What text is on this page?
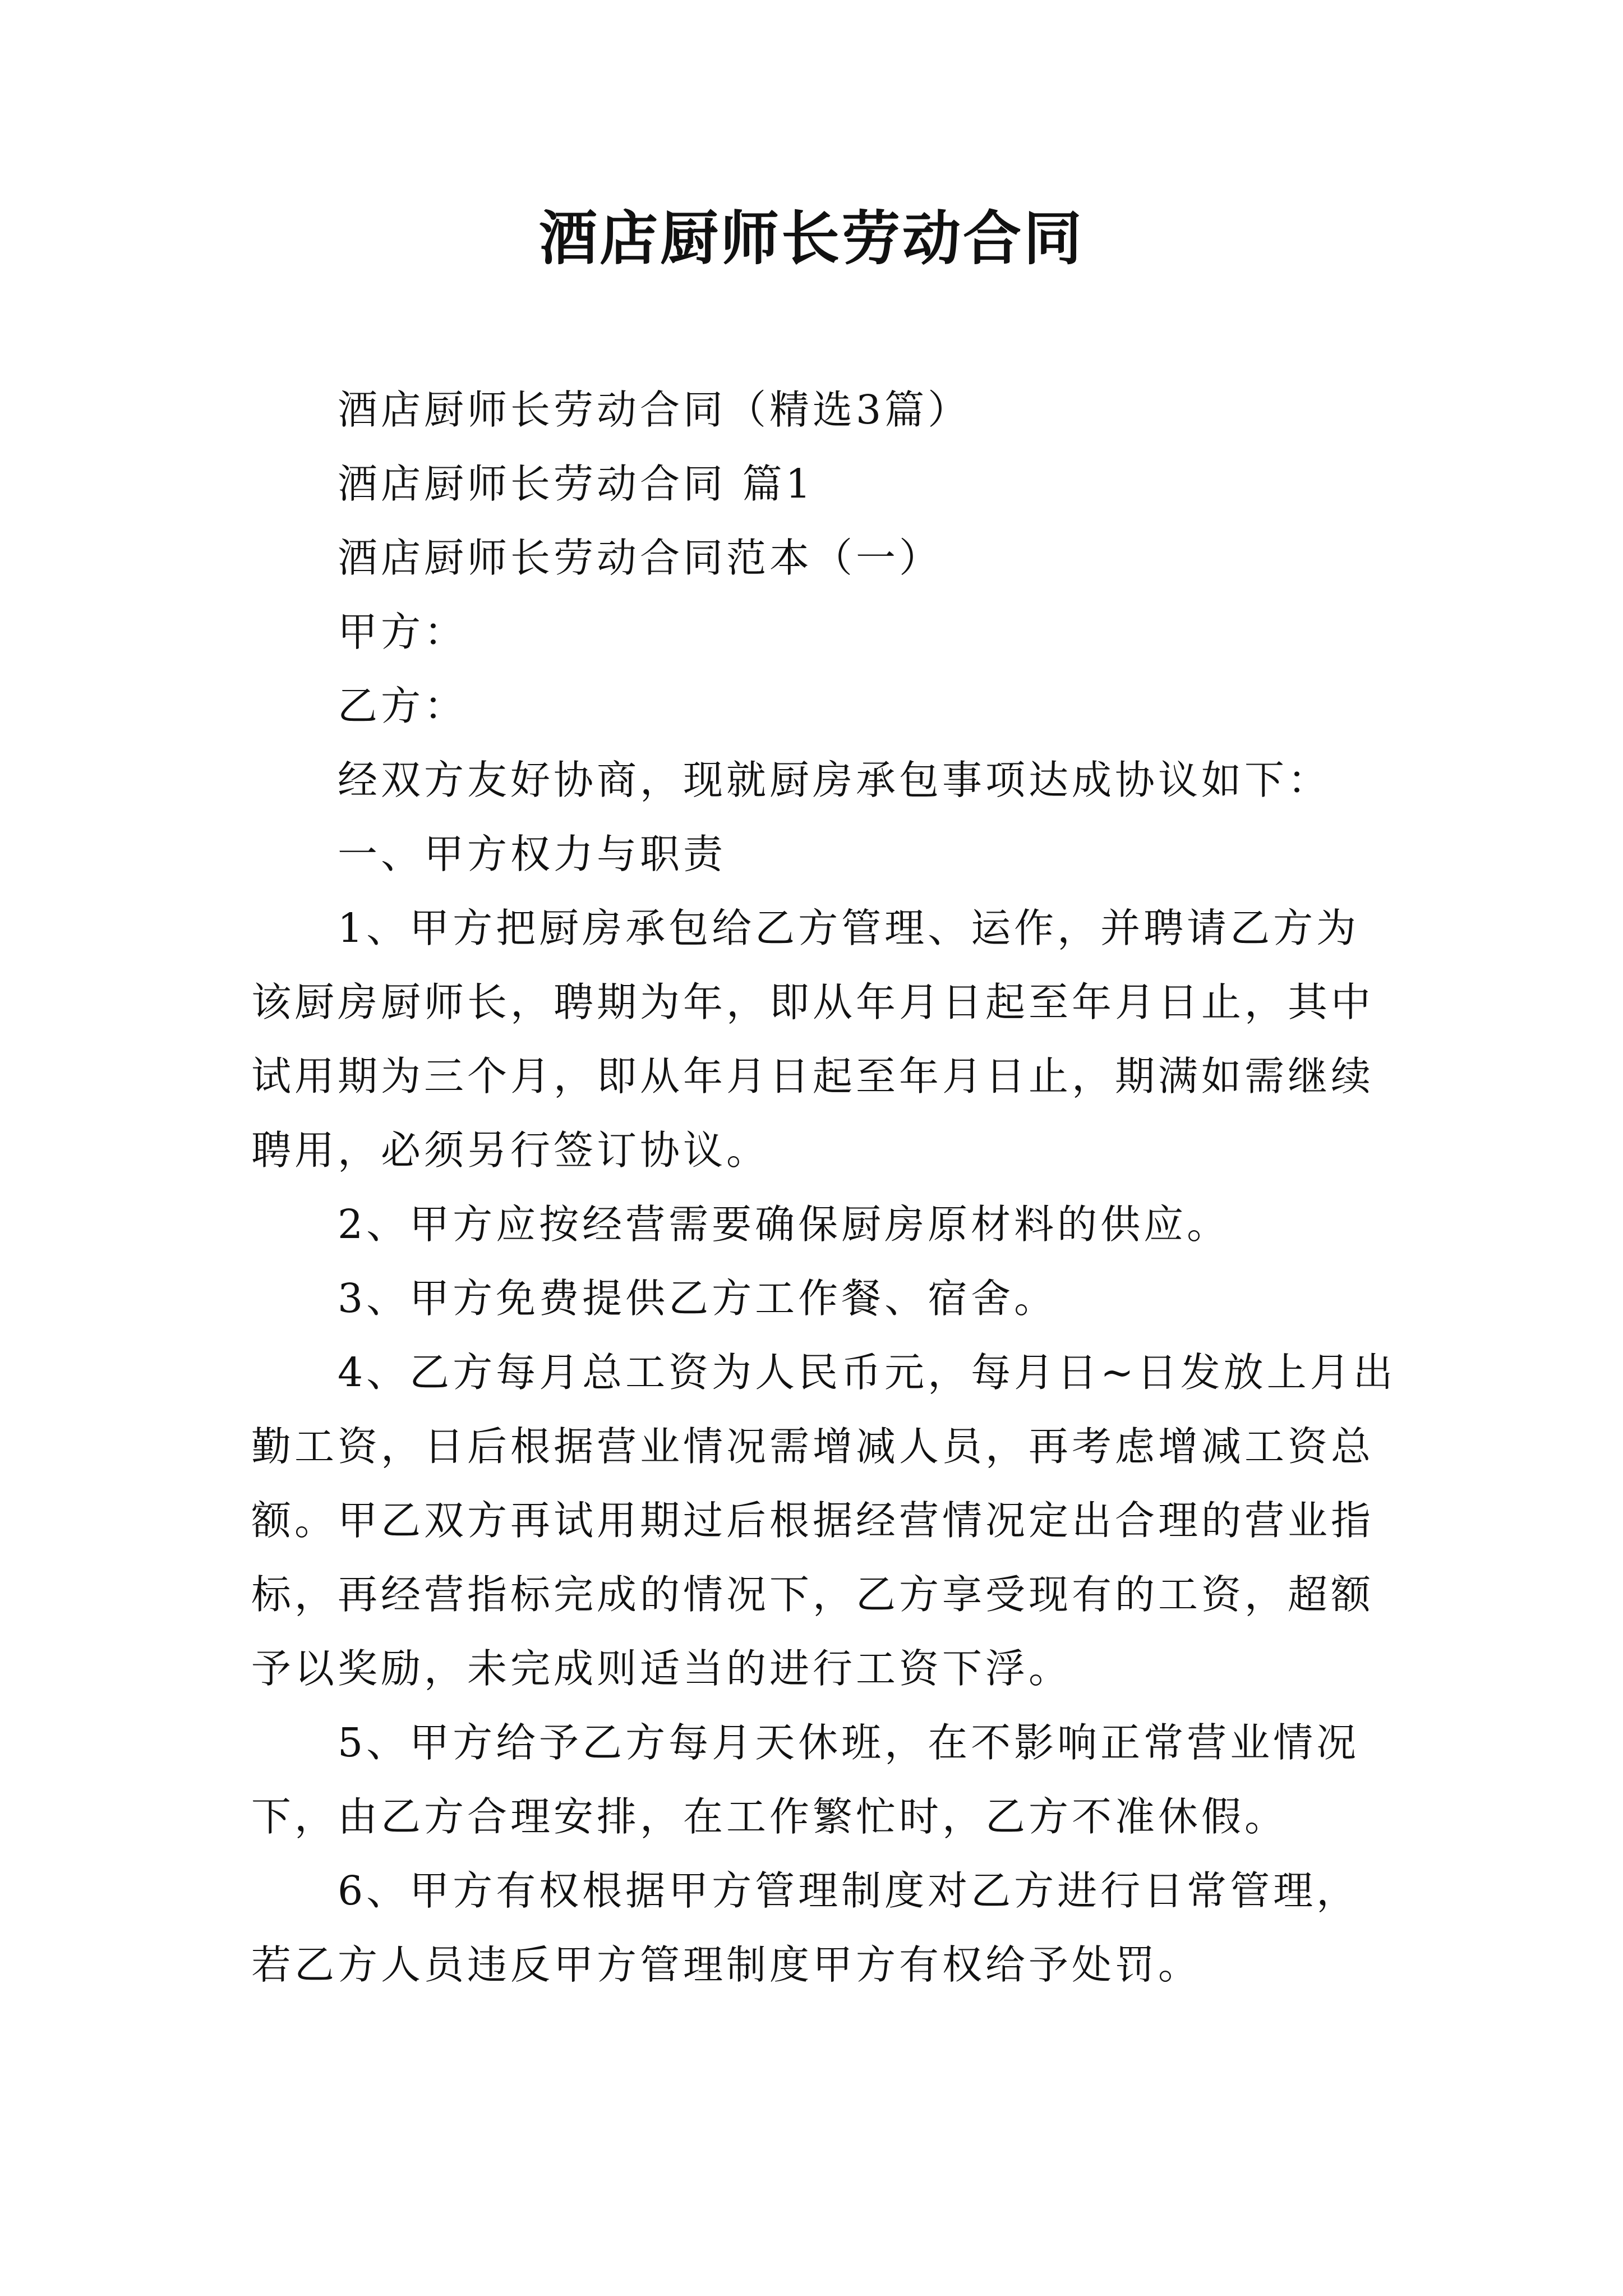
酒店厨师长劳动合同
酒店厨师长劳动合同（精选3篇）
酒店厨师长劳动合同 篇1
酒店厨师长劳动合同范本（一）
甲方：
乙方：
经双方友好协商，现就厨房承包事项达成协议如下：
一、甲方权力与职责
1、甲方把厨房承包给乙方管理、运作，并聘请乙方为
该厨房厨师长，聘期为年，即从年月日起至年月日止，其中
试用期为三个月，即从年月日起至年月日止，期满如需继续
聘用，必须另行签订协议。
2、甲方应按经营需要确保厨房原材料的供应。
3、甲方免费提供乙方工作餐、宿舍。
4、乙方每月总工资为人民币元，每月日~日发放上月出
勤工资，日后根据营业情况需增减人员，再考虑增减工资总
额。甲乙双方再试用期过后根据经营情况定出合理的营业指
标，再经营指标完成的情况下，乙方享受现有的工资，超额
予以奖励，未完成则适当的进行工资下浮。
5、甲方给予乙方每月天休班，在不影响正常营业情况
下，由乙方合理安排，在工作繁忙时，乙方不准休假。
6、甲方有权根据甲方管理制度对乙方进行日常管理，
若乙方人员违反甲方管理制度甲方有权给予处罚。
